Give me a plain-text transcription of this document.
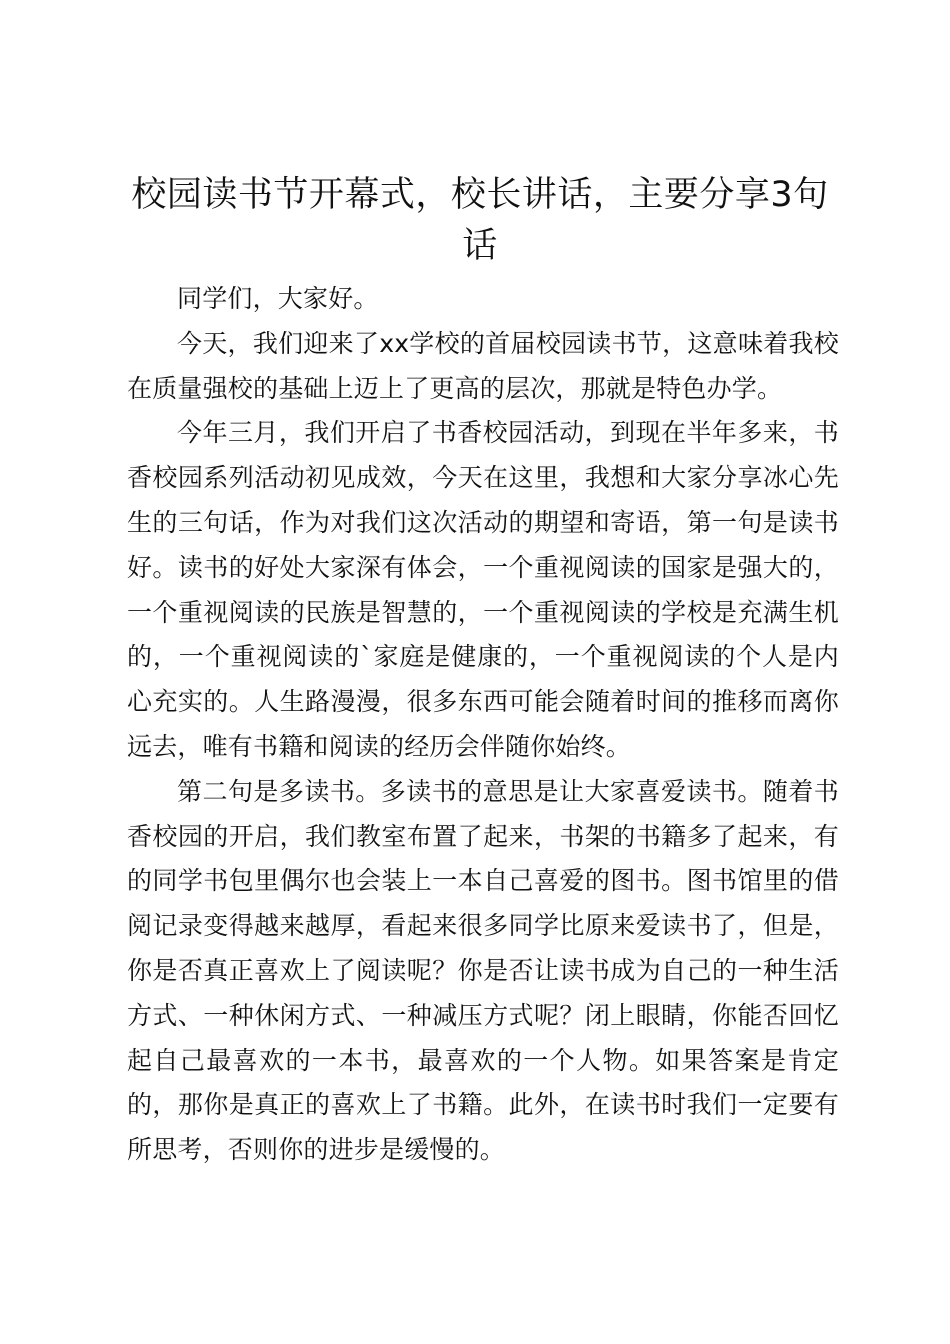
校园读书节开幕式，校长讲话，主要分享3句话

同学们，大家好。

今天，我们迎来了xx学校的首届校园读书节，这意味着我校在质量强校的基础上迈上了更高的层次，那就是特色办学。

今年三月，我们开启了书香校园活动，到现在半年多来，书香校园系列活动初见成效，今天在这里，我想和大家分享冰心先生的三句话，作为对我们这次活动的期望和寄语，第一句是读书好。读书的好处大家深有体会，一个重视阅读的国家是强大的，一个重视阅读的民族是智慧的，一个重视阅读的学校是充满生机的，一个重视阅读的`家庭是健康的，一个重视阅读的个人是内心充实的。人生路漫漫，很多东西可能会随着时间的推移而离你远去，唯有书籍和阅读的经历会伴随你始终。

第二句是多读书。多读书的意思是让大家喜爱读书。随着书香校园的开启，我们教室布置了起来，书架的书籍多了起来，有的同学书包里偶尔也会装上一本自己喜爱的图书。图书馆里的借阅记录变得越来越厚，看起来很多同学比原来爱读书了，但是，你是否真正喜欢上了阅读呢？你是否让读书成为自己的一种生活方式、一种休闲方式、一种减压方式呢？闭上眼睛，你能否回忆起自己最喜欢的一本书，最喜欢的一个人物。如果答案是肯定的，那你是真正的喜欢上了书籍。此外，在读书时我们一定要有所思考，否则你的进步是缓慢的。
